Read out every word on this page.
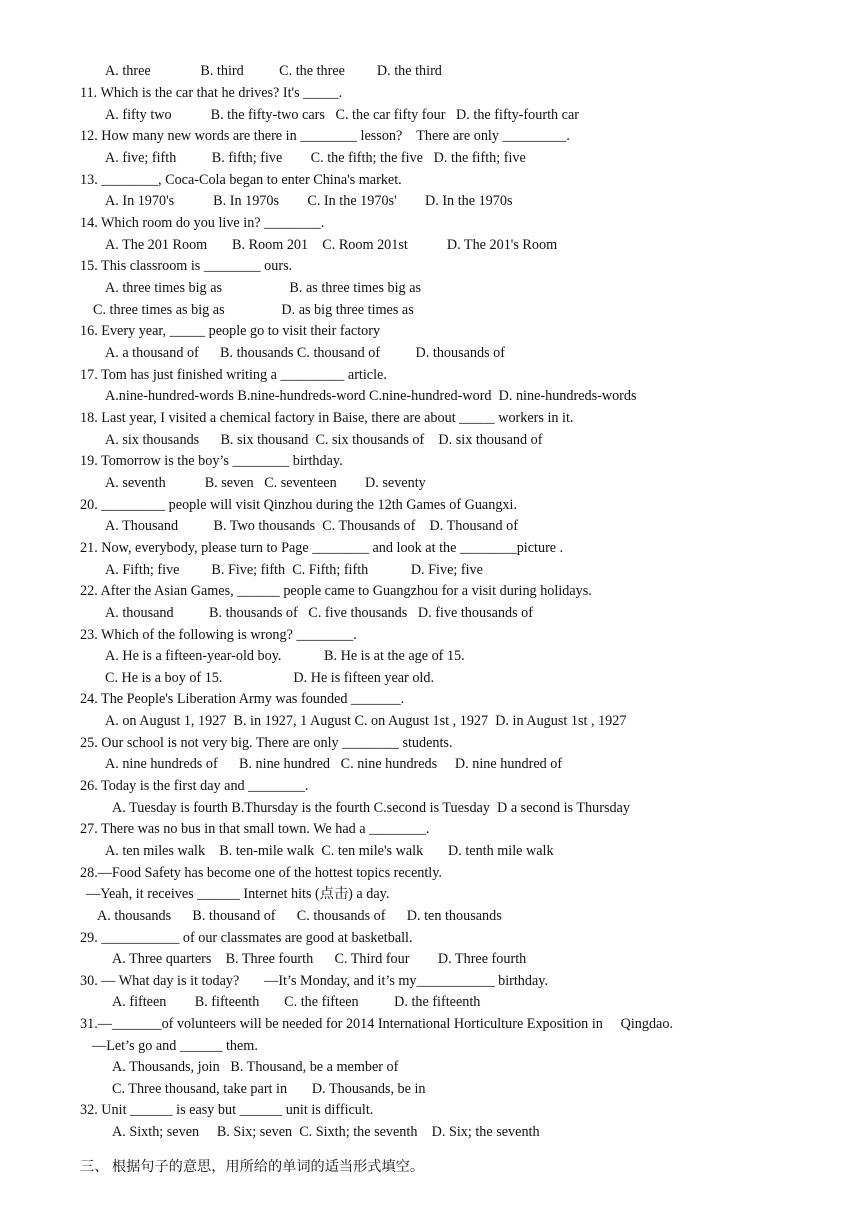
A. three              B. third          C. the three         D. the third
11. Which is the car that he drives? It's _____.
A. fifty two           B. the fifty-two cars   C. the car fifty four   D. the fifty-fourth car
12. How many new words are there in ________ lesson?    There are only _________.
A. five; fifth          B. fifth; five        C. the fifth; the five   D. the fifth; five
13. ________, Coca-Cola began to enter China's market.
A. In 1970's           B. In 1970s        C. In the 1970s'        D. In the 1970s
14. Which room do you live in? ________.
A. The 201 Room       B. Room 201    C. Room 201st           D. The 201's Room
15. This classroom is ________ ours.
A. three times big as                   B. as three times big as
C. three times as big as                D. as big three times as
16. Every year, _____ people go to visit their factory
A. a thousand of      B. thousands C. thousand of          D. thousands of
17. Tom has just finished writing a _________ article.
A.nine-hundred-words B.nine-hundreds-word C.nine-hundred-word  D. nine-hundreds-words
18. Last year, I visited a chemical factory in Baise, there are about _____ workers in it.
A. six thousands      B. six thousand  C. six thousands of    D. six thousand of
19. Tomorrow is the boy’s ________ birthday.
A. seventh           B. seven   C. seventeen        D. seventy
20. _________ people will visit Qinzhou during the 12th Games of Guangxi.
A. Thousand          B. Two thousands  C. Thousands of    D. Thousand of
21. Now, everybody, please turn to Page ________ and look at the ________picture .
A. Fifth; five         B. Five; fifth  C. Fifth; fifth            D. Five; five
22. After the Asian Games, ______ people came to Guangzhou for a visit during holidays.
A. thousand          B. thousands of   C. five thousands   D. five thousands of
23. Which of the following is wrong? ________.
A. He is a fifteen-year-old boy.            B. He is at the age of 15.
C. He is a boy of 15.                    D. He is fifteen year old.
24. The People's Liberation Army was founded _______.
A. on August 1, 1927  B. in 1927, 1 August C. on August 1st , 1927  D. in August 1st , 1927
25. Our school is not very big. There are only ________ students.
A. nine hundreds of      B. nine hundred   C. nine hundreds     D. nine hundred of
26. Today is the first day and ________.
A. Tuesday is fourth B.Thursday is the fourth C.second is Tuesday  D a second is Thursday
27. There was no bus in that small town. We had a ________.
A. ten miles walk    B. ten-mile walk  C. ten mile's walk       D. tenth mile walk
28.—Food Safety has become one of the hottest topics recently.
—Yeah, it receives ______ Internet hits (点击) a day.
A. thousands      B. thousand of      C. thousands of      D. ten thousands
29. ___________ of our classmates are good at basketball.
A. Three quarters    B. Three fourth      C. Third four        D. Three fourth
30. — What day is it today?       —It’s Monday, and it’s my___________ birthday.
A. fifteen        B. fifteenth       C. the fifteen          D. the fifteenth
31.—_______of volunteers will be needed for 2014 International Horticulture Exposition in     Qingdao.
—Let’s go and ______ them.
A. Thousands, join   B. Thousand, be a member of
C. Three thousand, take part in       D. Thousands, be in
32. Unit ______ is easy but ______ unit is difficult.
A. Sixth; seven     B. Six; seven  C. Sixth; the seventh    D. Six; the seventh
三、 根据句子的意思，用所给的单词的适当形式填空。
